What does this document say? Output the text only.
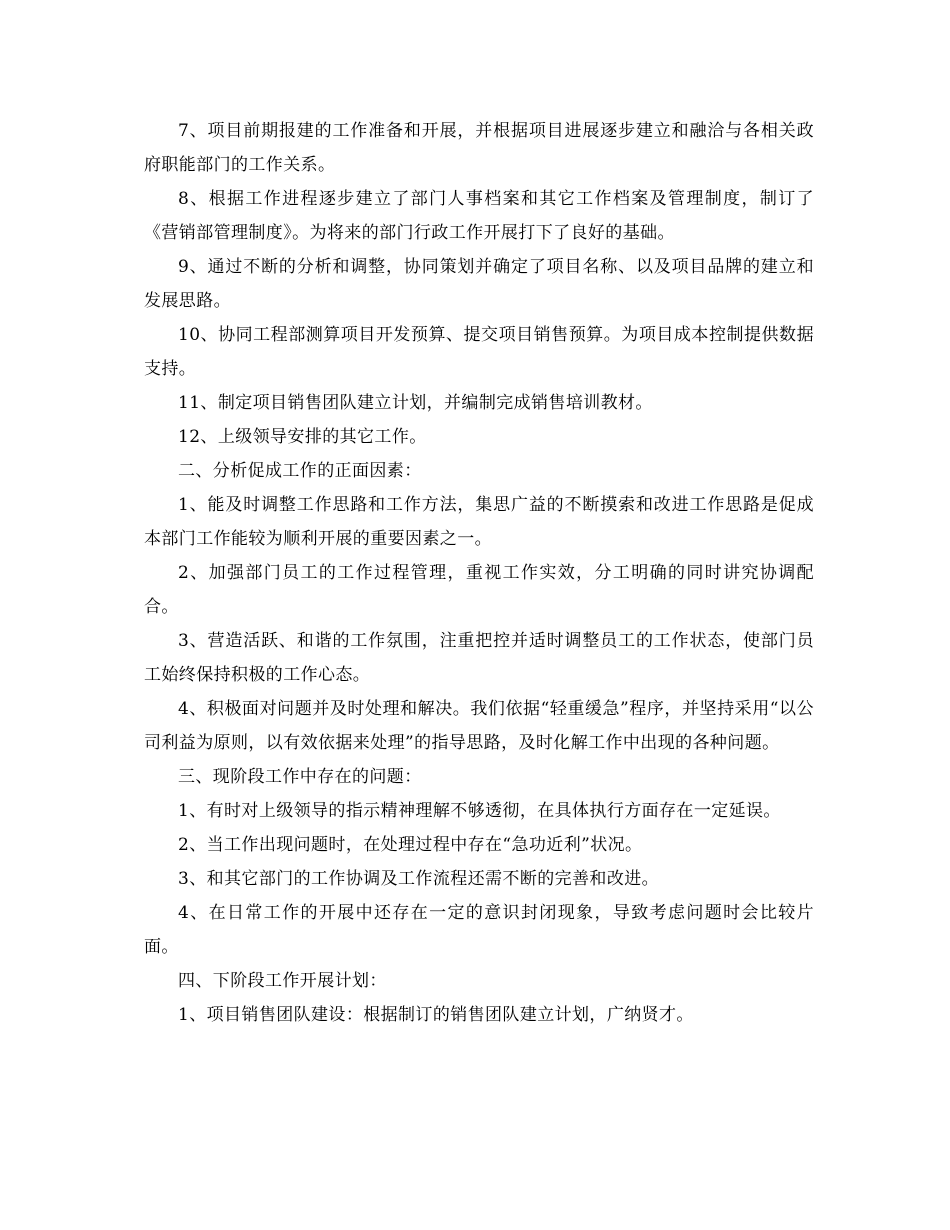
7、项目前期报建的工作准备和开展，并根据项目进展逐步建立和融洽与各相关政府职能部门的工作关系。

8、根据工作进程逐步建立了部门人事档案和其它工作档案及管理制度，制订了《营销部管理制度》。为将来的部门行政工作开展打下了良好的基础。

9、通过不断的分析和调整，协同策划并确定了项目名称、以及项目品牌的建立和发展思路。

10、协同工程部测算项目开发预算、提交项目销售预算。为项目成本控制提供数据支持。

11、制定项目销售团队建立计划，并编制完成销售培训教材。

12、上级领导安排的其它工作。

二、分析促成工作的正面因素：

1、能及时调整工作思路和工作方法，集思广益的不断摸索和改进工作思路是促成本部门工作能较为顺利开展的重要因素之一。

2、加强部门员工的工作过程管理，重视工作实效，分工明确的同时讲究协调配合。

3、营造活跃、和谐的工作氛围，注重把控并适时调整员工的工作状态，使部门员工始终保持积极的工作心态。

4、积极面对问题并及时处理和解决。我们依据“轻重缓急”程序，并坚持采用“以公司利益为原则，以有效依据来处理”的指导思路，及时化解工作中出现的各种问题。

三、现阶段工作中存在的问题：

1、有时对上级领导的指示精神理解不够透彻，在具体执行方面存在一定延误。

2、当工作出现问题时，在处理过程中存在“急功近利”状况。

3、和其它部门的工作协调及工作流程还需不断的完善和改进。

4、在日常工作的开展中还存在一定的意识封闭现象，导致考虑问题时会比较片面。

四、下阶段工作开展计划：

1、项目销售团队建设：根据制订的销售团队建立计划，广纳贤才。
